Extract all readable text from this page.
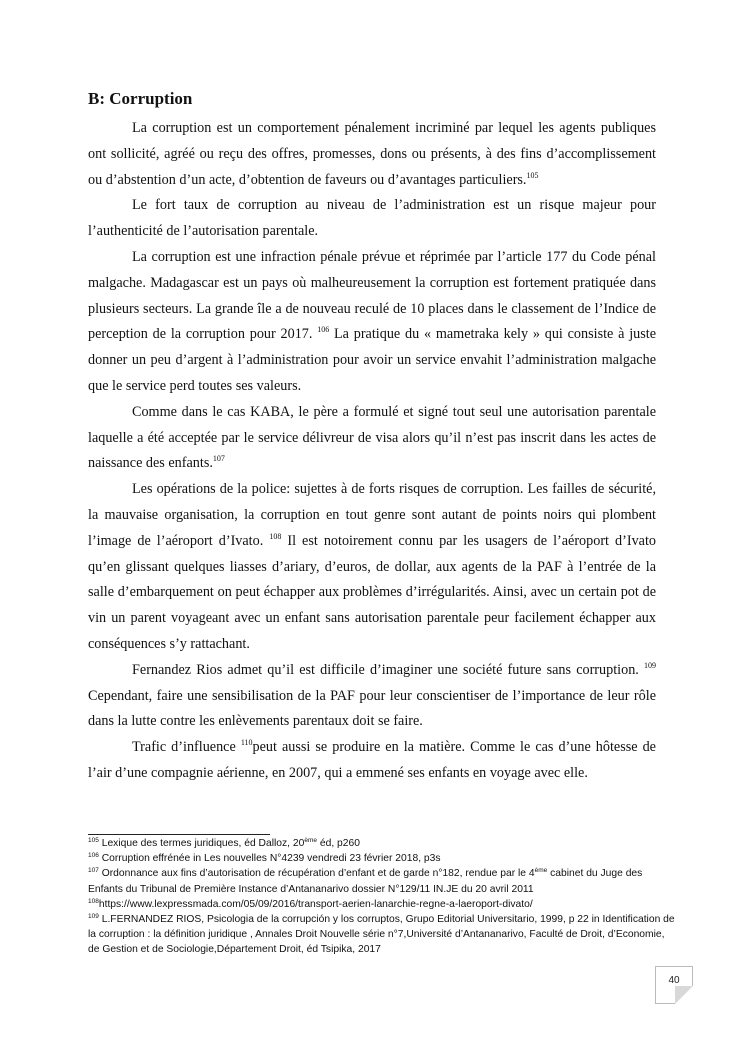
B: Corruption

La corruption est un comportement pénalement incriminé par lequel les agents publiques ont sollicité, agréé ou reçu des offres, promesses, dons ou présents, à des fins d’accomplissement ou d’abstention d’un acte, d’obtention de faveurs ou d’avantages particuliers.$^{105}$

Le fort taux de corruption au niveau de l’administration est un risque majeur pour l’authenticité de l’autorisation parentale.

La corruption est une infraction pénale prévue et réprimée par l’article 177 du Code pénal malgache. Madagascar est un pays où malheureusement la corruption est fortement pratiquée dans plusieurs secteurs. La grande île a de nouveau reculé de 10 places dans le classement de l’Indice de perception de la corruption pour 2017. $^{106}$ La pratique du « mametraka kely » qui consiste à juste donner un peu d’argent à l’administration pour avoir un service envahit l’administration malgache que le service perd toutes ses valeurs.

Comme dans le cas KABA, le père a formulé et signé tout seul une autorisation parentale laquelle a été acceptée par le service délivreur de visa alors qu’il n’est pas inscrit dans les actes de naissance des enfants.$^{107}$

Les opérations de la police: sujettes à de forts risques de corruption. Les failles de sécurité, la mauvaise organisation, la corruption en tout genre sont autant de points noirs qui plombent l’image de l’aéroport d’Ivato. $^{108}$ Il est notoirement connu par les usagers de l’aéroport d’Ivato qu’en glissant quelques liasses d’ariary, d’euros, de dollar, aux agents de la PAF à l’entrée de la salle d’embarquement on peut échapper aux problèmes d’irrégularités. Ainsi, avec un certain pot de vin un parent voyageant avec un enfant sans autorisation parentale peur facilement échapper aux conséquences s’y rattachant.

Fernandez Rios admet qu’il est difficile d’imaginer une société future sans corruption. $^{109}$ Cependant, faire une sensibilisation de la PAF pour leur conscientiser de l’importance de leur rôle dans la lutte contre les enlèvements parentaux doit se faire.

Trafic d’influence $^{110}$peut aussi se produire en la matière. Comme le cas d’une hôtesse de l’air d’une compagnie aérienne, en 2007, qui a emmené ses enfants en voyage avec elle.

$^{105}$ Lexique des termes juridiques, éd Dalloz, 20ème éd, p260
$^{106}$ Corruption effrénée in Les nouvelles N°4239 vendredi 23 février 2018, p3s
$^{107}$ Ordonnance aux fins d’autorisation de récupération d’enfant et de garde n°182, rendue par le 4ème cabinet du Juge des Enfants du Tribunal de Première Instance d’Antananarivo dossier N°129/11 IN.JE du 20 avril 2011
$^{108}$https://www.lexpressmada.com/05/09/2016/transport-aerien-lanarchie-regne-a-laeroport-divato/
$^{109}$ L.FERNANDEZ RIOS, Psicologia de la corrupción y los corruptos, Grupo Editorial Universitario, 1999, p 22 in Identification de la corruption : la définition juridique , Annales Droit Nouvelle série n°7,Université d’Antananarivo, Faculté de Droit, d’Economie, de Gestion et de Sociologie,Département Droit, éd Tsipika, 2017
40
